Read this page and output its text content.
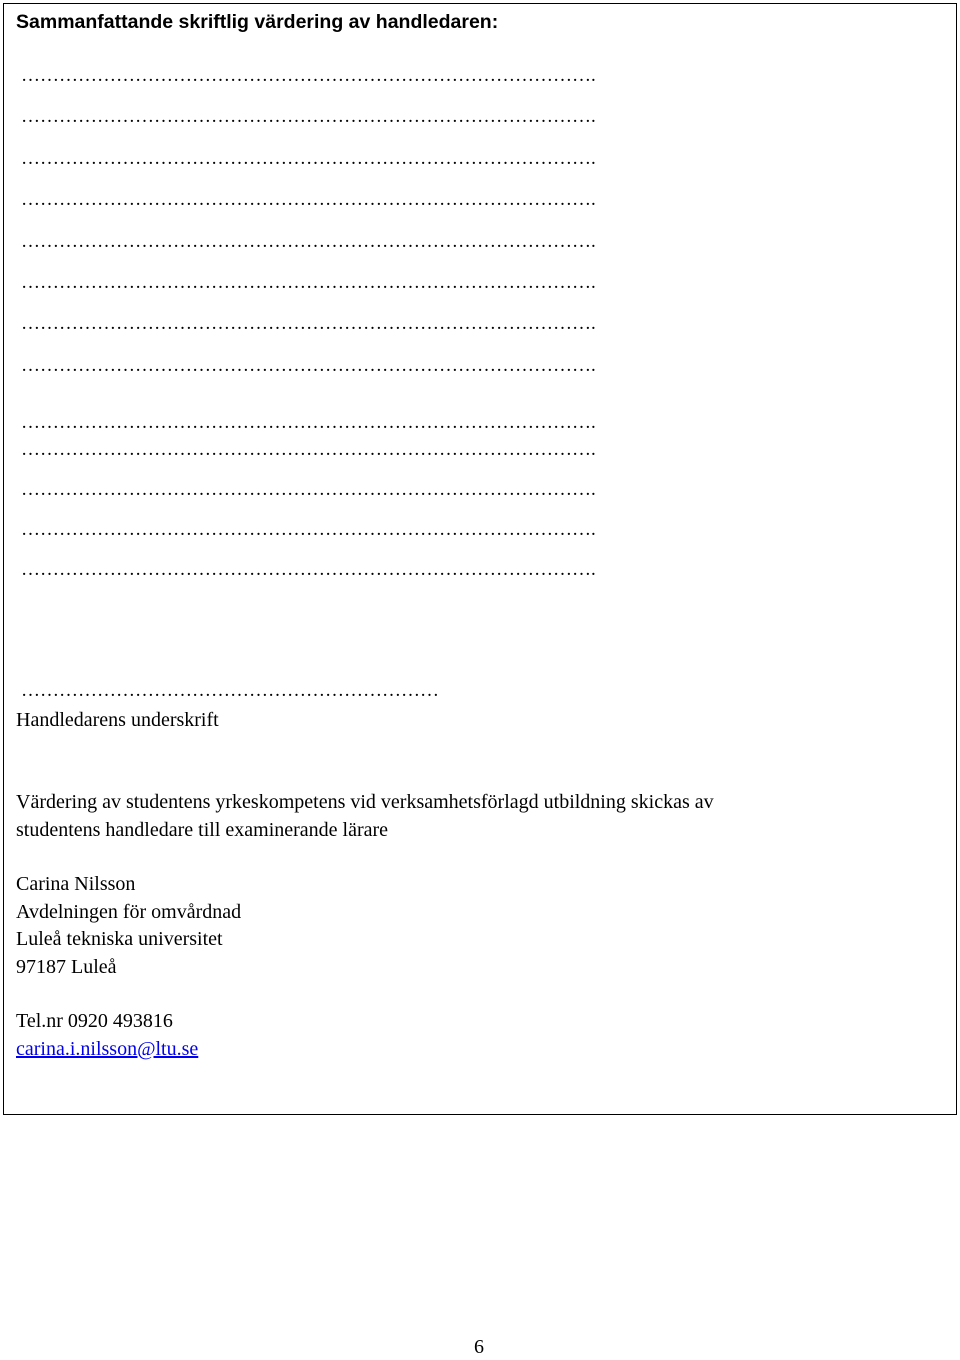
Sammanfattande skriftlig värdering av handledaren:
……………………………………………………………………………….
……………………………………………………………………………….
……………………………………………………………………………….
……………………………………………………………………………….
……………………………………………………………………………….
……………………………………………………………………………….
……………………………………………………………………………….
……………………………………………………………………………….
……………………………………………………………………………….
……………………………………………………………………………….
……………………………………………………………………………….
……………………………………………………………………………….
……………………………………………………………………………….
…………………………………………………………
Handledarens underskrift
Värdering av studentens yrkeskompetens vid verksamhetsförlagd utbildning skickas av
studentens handledare till examinerande lärare
Carina Nilsson
Avdelningen för omvårdnad
Luleå tekniska universitet
97187 Luleå
Tel.nr 0920 493816
carina.i.nilsson@ltu.se
6
